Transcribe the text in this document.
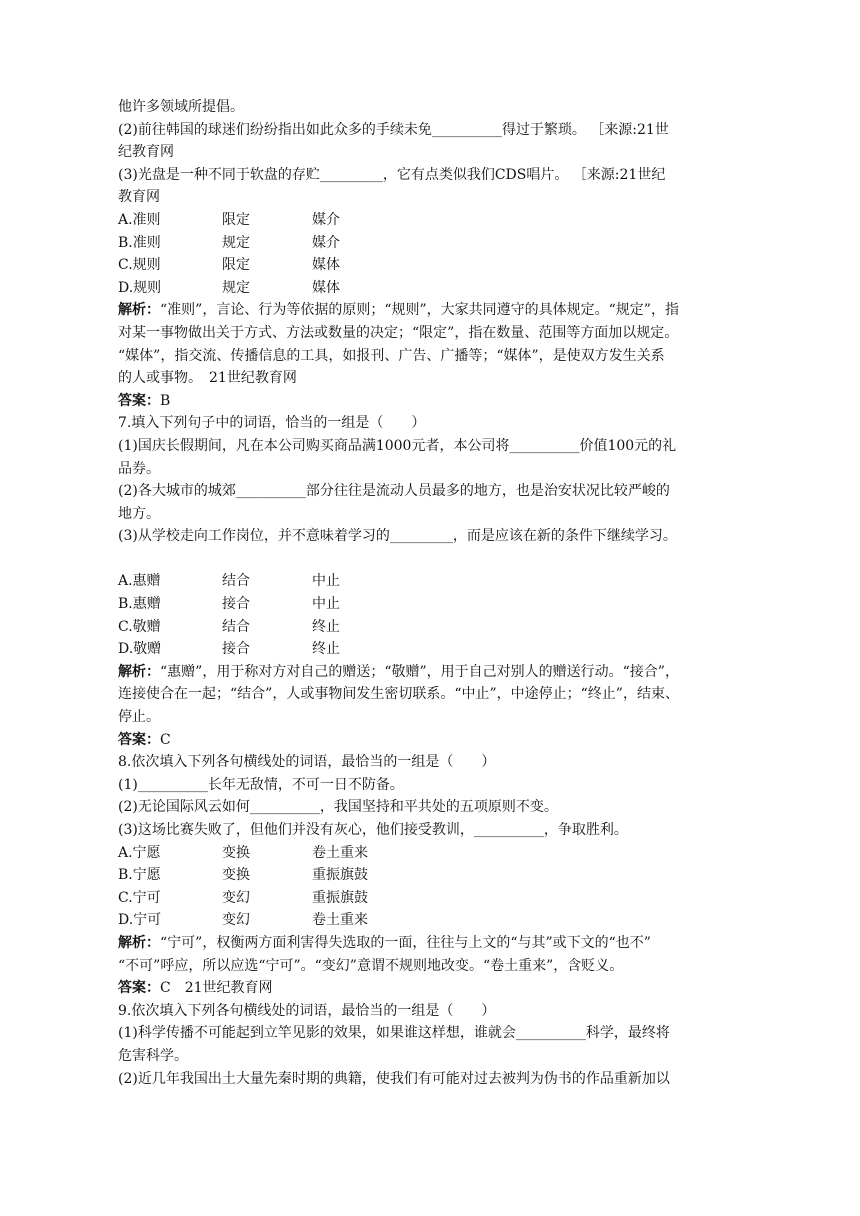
他许多领域所提倡。
(2)前往韩国的球迷们纷纷指出如此众多的手续未免__________得过于繁琐。 ［来源:21世
纪教育网
(3)光盘是一种不同于软盘的存贮_________，它有点类似我们CDS唱片。 ［来源:21世纪
教育网
A.准则	限定	媒介
B.准则	规定	媒介
C.规则	限定	媒体
D.规则	规定	媒体
解析：“准则”，言论、行为等依据的原则；“规则”，大家共同遵守的具体规定。“规定”，指
对某一事物做出关于方式、方法或数量的决定；“限定”，指在数量、范围等方面加以规定。
“媒体”，指交流、传播信息的工具，如报刊、广告、广播等；“媒体”，是使双方发生关系
的人或事物。　21世纪教育网
答案：B
7.填入下列句子中的词语，恰当的一组是（　　）
(1)国庆长假期间，凡在本公司购买商品满1000元者，本公司将__________价值100元的礼
品券。
(2)各大城市的城郊__________部分往往是流动人员最多的地方，也是治安状况比较严峻的
地方。
(3)从学校走向工作岗位，并不意味着学习的_________，而是应该在新的条件下继续学习。
A.惠赠	结合	中止
B.惠赠	接合	中止
C.敬赠	结合	终止
D.敬赠	接合	终止
解析：“惠赠”，用于称对方对自己的赠送；“敬赠”，用于自己对别人的赠送行动。“接合”，
连接使合在一起；“结合”，人或事物间发生密切联系。“中止”，中途停止；“终止”，结束、
停止。
答案：C
8.依次填入下列各句横线处的词语，最恰当的一组是（　　）
(1)__________长年无敌情，不可一日不防备。
(2)无论国际风云如何__________，我国坚持和平共处的五项原则不变。
(3)这场比赛失败了，但他们并没有灰心，他们接受教训，__________，争取胜利。
A.宁愿	变换	卷土重来
B.宁愿	变换	重振旗鼓
C.宁可	变幻	重振旗鼓
D.宁可	变幻	卷土重来
解析：“宁可”，权衡两方面利害得失选取的一面，往往与上文的“与其”或下文的“也不”
“不可”呼应，所以应选“宁可”。“变幻”意谓不规则地改变。“卷土重来”，含贬义。
答案：C　21世纪教育网
9.依次填入下列各句横线处的词语，最恰当的一组是（　　）
(1)科学传播不可能起到立竿见影的效果，如果谁这样想，谁就会__________科学，最终将
危害科学。
(2)近几年我国出土大量先秦时期的典籍，使我们有可能对过去被判为伪书的作品重新加以
